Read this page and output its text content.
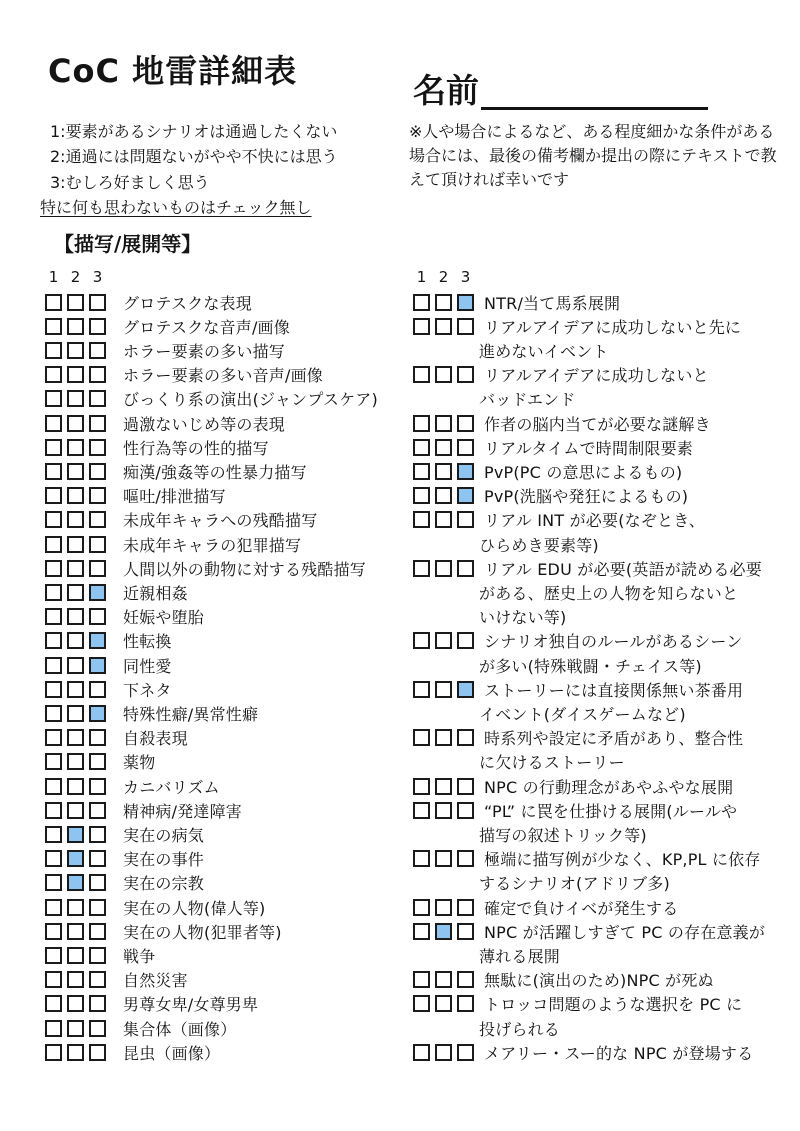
CoC 地雷詳細表	名前
1:要素があるシナリオは通過したくない
2:通過には問題ないがやや不快には思う
3:むしろ好ましく思う
特に何も思わないものはチェック無し
※人や場合によるなど、ある程度細かな条件がある
場合には、最後の備考欄か提出の際にテキストで教
えて頂ければ幸いです
【描写/展開等】
1 2 3	1 2 3
グロテスクな表現
グロテスクな音声/画像
ホラー要素の多い描写
ホラー要素の多い音声/画像
びっくり系の演出(ジャンプスケア)
過激ないじめ等の表現
性行為等の性的描写
痴漢/強姦等の性暴力描写
嘔吐/排泄描写
未成年キャラへの残酷描写
未成年キャラの犯罪描写
人間以外の動物に対する残酷描写
近親相姦
妊娠や堕胎
性転換
同性愛
下ネタ
特殊性癖/異常性癖
自殺表現
薬物
カニバリズム
精神病/発達障害
実在の病気
実在の事件
実在の宗教
実在の人物(偉人等)
実在の人物(犯罪者等)
戦争
自然災害
男尊女卑/女尊男卑
集合体（画像）
昆虫（画像）
NTR/当て馬系展開
リアルアイデアに成功しないと先に
進めないイベント
リアルアイデアに成功しないと
バッドエンド
作者の脳内当てが必要な謎解き
リアルタイムで時間制限要素
PvP(PC の意思によるもの)
PvP(洗脳や発狂によるもの)
リアル INT が必要(なぞとき、
ひらめき要素等)
リアル EDU が必要(英語が読める必要
がある、歴史上の人物を知らないと
いけない等)
シナリオ独自のルールがあるシーン
が多い(特殊戦闘・チェイス等)
ストーリーには直接関係無い茶番用
イベント(ダイスゲームなど)
時系列や設定に矛盾があり、整合性
に欠けるストーリー
NPC の行動理念があやふやな展開
“PL” に罠を仕掛ける展開(ルールや
描写の叙述トリック等)
極端に描写例が少なく、KP,PL に依存
するシナリオ(アドリブ多)
確定で負けイベが発生する
NPC が活躍しすぎて PC の存在意義が
薄れる展開
無駄に(演出のため)NPC が死ぬ
トロッコ問題のような選択を PC に
投げられる
メアリー・スー的な NPC が登場する
